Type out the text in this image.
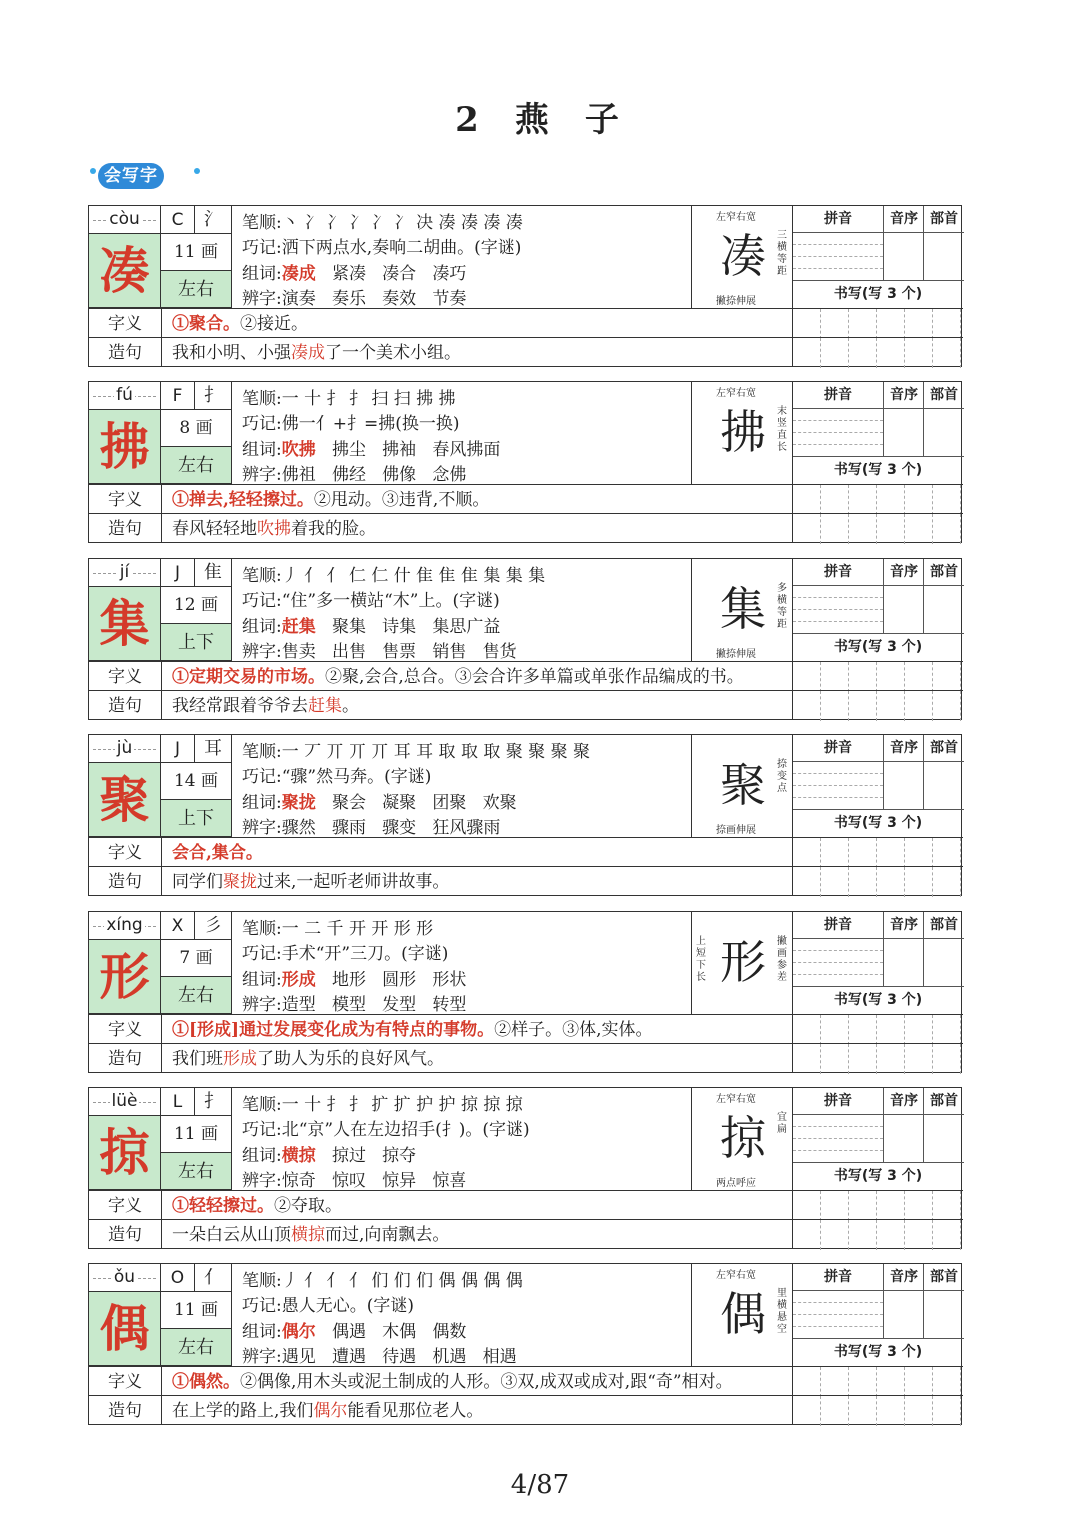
2 燕 子
会写字
còu
凑
C	氵
11 画
左右
笔顺:丶 冫 冫 冫 冫 冫 决 凑 凑 凑 凑
巧记:洒下两点水,奏响二胡曲。(字谜)
组词:凑成   紧凑   凑合   凑巧
辨字:演奏   奏乐   奏效   节奏
左窄右宽
凑 三横等距
撇捺伸展
拼音	音序 部首
书写(写 3 个)
字义	①聚合。②接近。
造句	我和小明、小强凑成了一个美术小组。
fú
拂
F	扌
8 画
左右
笔顺:一 十 扌 扌 扫 扫 拂 拂
巧记:佛一亻+扌=拂(换一换)
组词:吹拂   拂尘   拂袖   春风拂面
辨字:佛祖   佛经   佛像   念佛
左窄右宽
拂 末竖直长
拼音	音序 部首
书写(写 3 个)
字义	①掸去,轻轻擦过。②甩动。③违背,不顺。
造句	春风轻轻地吹拂着我的脸。
jí
集
J	隹
12 画
上下
笔顺:丿 亻 亻 仁 仁 什 隹 隹 隹 集 集 集
巧记:“住”多一横站“木”上。(字谜)
组词:赶集   聚集   诗集   集思广益
辨字:售卖   出售   售票   销售   售货
集 多横等距
撇捺伸展
拼音	音序 部首
书写(写 3 个)
字义	①定期交易的市场。②聚,会合,总合。③会合许多单篇或单张作品编成的书。
造句	我经常跟着爷爷去赶集。
jù
聚
J	耳
14 画
上下
笔顺:一 丆 丌 丌 丌 耳 耳 取 取 取 聚 聚 聚 聚
巧记:“骤”然马奔。(字谜)
组词:聚拢   聚会   凝聚   团聚   欢聚
辨字:骤然   骤雨   骤变   狂风骤雨
聚 捺变点
捺画伸展
拼音	音序 部首
书写(写 3 个)
字义	会合,集合。
造句	同学们聚拢过来,一起听老师讲故事。
xíng
形
X	彡
7 画
左右
笔顺:一 二 千 开 开 形 形
巧记:手术“开”三刀。(字谜)
组词:形成   地形   圆形   形状
辨字:造型   模型   发型   转型
上短下长 形 撇画参差
拼音	音序 部首
书写(写 3 个)
字义	①[形成]通过发展变化成为有特点的事物。②样子。③体,实体。
造句	我们班形成了助人为乐的良好风气。
lüè
掠
L	扌
11 画
左右
笔顺:一 十 扌 扌 扩 扩 护 护 掠 掠 掠
巧记:北“京”人在左边招手(扌)。(字谜)
组词:横掠   掠过   掠夺
辨字:惊奇   惊叹   惊异   惊喜
左窄右宽
掠 宜扁
两点呼应
拼音	音序 部首
书写(写 3 个)
字义	①轻轻擦过。②夺取。
造句	一朵白云从山顶横掠而过,向南飘去。
ǒu
偶
O	亻
11 画
左右
笔顺:丿 亻 亻 亻 们 们 们 偶 偶 偶 偶
巧记:愚人无心。(字谜)
组词:偶尔   偶遇   木偶   偶数
辨字:遇见   遭遇   待遇   机遇   相遇
左窄右宽
偶 里横悬空
拼音	音序 部首
书写(写 3 个)
字义	①偶然。②偶像,用木头或泥土制成的人形。③双,成双或成对,跟“奇”相对。
造句	在上学的路上,我们偶尔能看见那位老人。
4/87
